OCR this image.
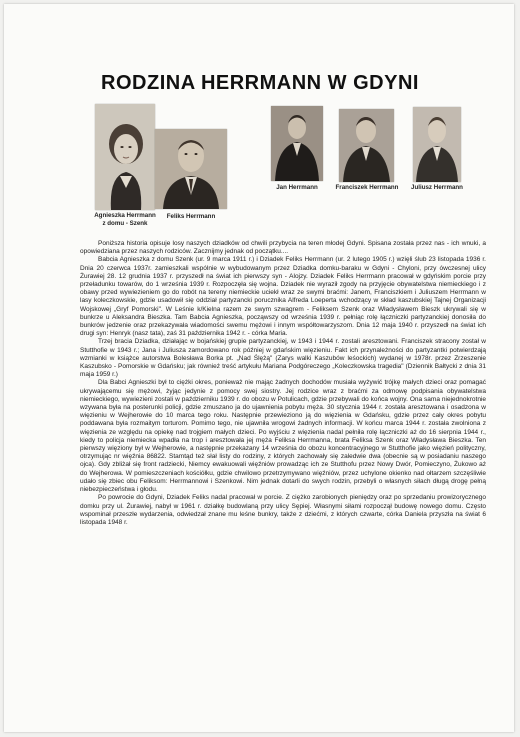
RODZINA HERRMANN W GDYNI
Agnieszka Herrmann
z domu - Szenk
Feliks Herrmann
Jan Herrmann	Franciszek Herrmann	Juliusz Herrmann

Poniższa historia opisuje losy naszych dziadków od chwili przybycia na teren młodej Gdyni. Spisana została przez nas - ich wnuki, a opowiedziana przez naszych rodziców. Zacznijmy jednak od początku....

Babcia Agnieszka z domu Szenk (ur. 9 marca 1911 r.) i Dziadek Feliks Herrmann (ur. 2 lutego 1905 r.) wzięli ślub 23 listopada 1936 r. Dnia 20 czerwca 1937r. zamieszkali wspólnie w wybudowanym przez Dziadka domku-baraku w Gdyni - Chyloni, przy ówczesnej ulicy Żurawiej 28. 12 grudnia 1937 r. przyszedł na świat ich pierwszy syn - Alojzy. Dziadek Feliks Herrmann pracował w gdyńskim porcie przy przeładunku towarów, do 1 września 1939 r. Rozpoczęła się wojna. Dziadek nie wyraził zgody na przyjęcie obywatelstwa niemieckiego i z obawy przed wywiezieniem go do robót na tereny niemieckie uciekł wraz ze swymi braćmi: Janem, Franciszkiem i Juliuszem Herrmann w lasy koleczkowskie, gdzie usadowił się oddział partyzancki porucznika Alfreda Loeperta wchodzący w skład kaszubskiej Tajnej Organizacji Wojskowej „Gryf Pomorski". W Leśnie k/Kielna razem ze swym szwagrem - Feliksem Szenk oraz Władysławem Bieszk ukrywali się w bunkrze u Aleksandra Bieszka. Tam Babcia Agnieszka, począwszy od września 1939 r. pełniąc rolę łączniczki partyzanckiej donosiła do bunkrów jedzenie oraz przekazywała wiadomości swemu mężowi i innym współtowarzyszom. Dnia 12 maja 1940 r. przyszedł na świat ich drugi syn: Henryk (nasz tata), zaś 31 października 1942 r. - córka Maria.

Trzej bracia Dziadka, działając w bojańskiej grupie partyzanckiej, w 1943 i 1944 r. zostali aresztowani. Franciszek stracony został w Stutthofie w 1943 r.; Jana i Juliusza zamordowano rok później w gdańskim więzieniu. Fakt ich przynależności do partyzantki potwierdzają wzmianki w książce autorstwa Bolesława Borka pt. „Nad Ślężą" (Zarys walki Kaszubów leśockich) wydanej w 1978r. przez Zrzeszenie Kaszubsko - Pomorskie w Gdańsku; jak również treść artykułu Mariana Podgóreczego „Koleczkowska tragedia" (Dziennik Bałtycki z dnia 31 maja 1959 r.)

Dla Babci Agnieszki był to ciężki okres, ponieważ nie mając żadnych dochodów musiała wyżywić trójkę małych dzieci oraz pomagać ukrywającemu się mężowi, żyjąc jedynie z pomocy swej siostry. Jej rodzice wraz z braćmi za odmowę podpisania obywatelstwa niemieckiego, wywiezieni zostali w październiku 1939 r. do obozu w Potulicach, gdzie przebywali do końca wojny. Ona sama niejednokrotnie wzywana była na posterunki policji, gdzie zmuszano ja do ujawnienia pobytu męża. 30 stycznia 1944 r. została aresztowana i osadzona w więzieniu w Wejherowie do 10 marca tego roku. Następnie przewieziono ją do więzienia w Gdańsku, gdzie przez cały okres pobytu poddawana była rozmaitym torturom. Pomimo tego, nie ujawniła wrogowi żadnych informacji. W końcu marca 1944 r. została zwolniona z więzienia ze względu na opiekę nad trojgiem małych dzieci. Po wyjściu z więzienia nadal pełniła rolę łączniczki aż do 16 sierpnia 1944 r., kiedy to policja niemiecka wpadła na trop i aresztowała jej męża Feliksa Herrmanna, brata Feliksa Szenk oraz Władysława Bieszka. Ten pierwszy więziony był w Wejherowie, a następnie przekazany 14 września do obozu koncentracyjnego w Stutthofie jako więzień polityczny, otrzymując nr więźnia 86822. Stamtąd też słał listy do rodziny, z których zachowały się zaledwie dwa (obecnie są w posiadaniu naszego ojca). Gdy zbliżał się front radziecki, Niemcy ewakuowali więźniów prowadząc ich ze Stutthofu przez Nowy Dwór, Pomieczyno, Żukowo aż do Wejherowa. W pomieszczeniach kościółku, gdzie chwilowo przetrzymywano więźniów, przez uchylone okienko nad ołtarzem szczęśliwie udało się zbiec obu Feliksom: Herrmannowi i Szenkowi. Nim jednak dotarli do swych rodzin, przebyli o własnych siłach długą drogę pełną niebezpieczeństwa i głodu.

Po powrocie do Gdyni, Dziadek Feliks nadal pracował w porcie. Z ciężko zarobionych pieniędzy oraz po sprzedaniu prowizorycznego domku przy ul. Żurawiej, nabył w 1961 r. działkę budowlaną przy ulicy Sępiej. Własnymi siłami rozpoczął budowę nowego domu. Często wspominał przeszłe wydarzenia, odwiedzał znane mu leśne bunkry, także z dziećmi, z których czwarte, córka Daniela przyszła na świat 6 listopada 1948 r.
